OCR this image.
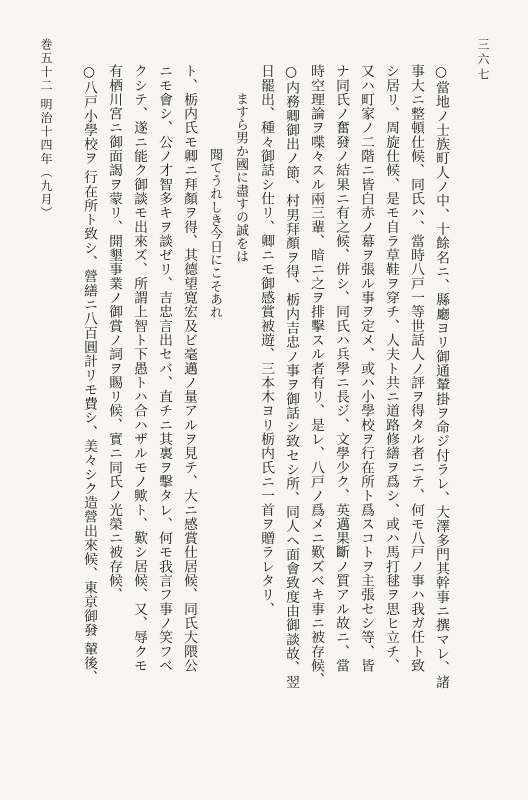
三六七
○當地ノ士族町人ノ中、十餘名ニ、縣廳ヨリ御通輦掛ヲ命ジ付ラレ、大澤多門其幹事ニ撰マレ、諸
事大ニ整頓仕候、同氏ハ、當時八戸一等世話人ノ評ヲ得タル者ニテ、何モ八戸ノ事ハ我ガ任ト致
シ居リ、周旋仕候、是モ自ラ草鞋ヲ穿チ、人夫ト共ニ道路修繕ヲ爲シ、或ハ馬打毬ヲ思ヒ立チ、
又ハ町家ノ二階ニ皆白赤ノ幕ヲ張ル事ヲ定メ、或ハ小學校ヲ行在所ト爲スコトヲ主張セシ等、皆
ナ同氏ノ奮發ノ結果ニ有之候、併シ、同氏ハ兵學ニ長ジ、文學少ク、英邁果斷ノ質アル故ニ、當
時空理論ヲ喋々スル兩三輩、暗ニ之ヲ排擊スル者有リ、是レ、八戸ノ爲メニ歎ズベキ事ニ被存候、
○内務卿御出ノ節、村男拜顏ヲ得、栃内吉忠ノ事ヲ御話シ致セシ所、同人ヘ面會致度由御談故、翌
日罷出、種々御話シ仕リ、卿ニモ御感賞被遊、三本木ヨリ栃内氏ニ一首ヲ贈ラレタリ、
ますら男か國に盡すの誠をは
聞てうれしき今日にこそあれ
ト、栃内氏モ卿ニ拜顏ヲ得、其德望寛宏及ビ毫邁ノ量アルヲ見テ、大ニ感賞仕居候、同氏大隈公
ニモ會シ、公ノ才智多キヲ談ゼリ、吉忠言出セバ、直チニ其裏ヲ擊タレ、何モ我言フ事ノ笑フベ
クシテ、遂ニ能ク御談モ出來ズ、所謂上智ト下愚トハ合ハザルモノ歟ト、歎シ居候、又、辱クモ
有栖川宮ニ御面謁ヲ蒙リ、開墾事業ノ御賞ノ詞ヲ賜リ候、實ニ同氏ノ光榮ニ被存候、
○八戸小學校ヲ 行在所ト致シ、營繕ニ八百圓計リモ費シ、美々シク造營出來候、東京御發 輦後、
巻五十二 明治十四年（九月）
